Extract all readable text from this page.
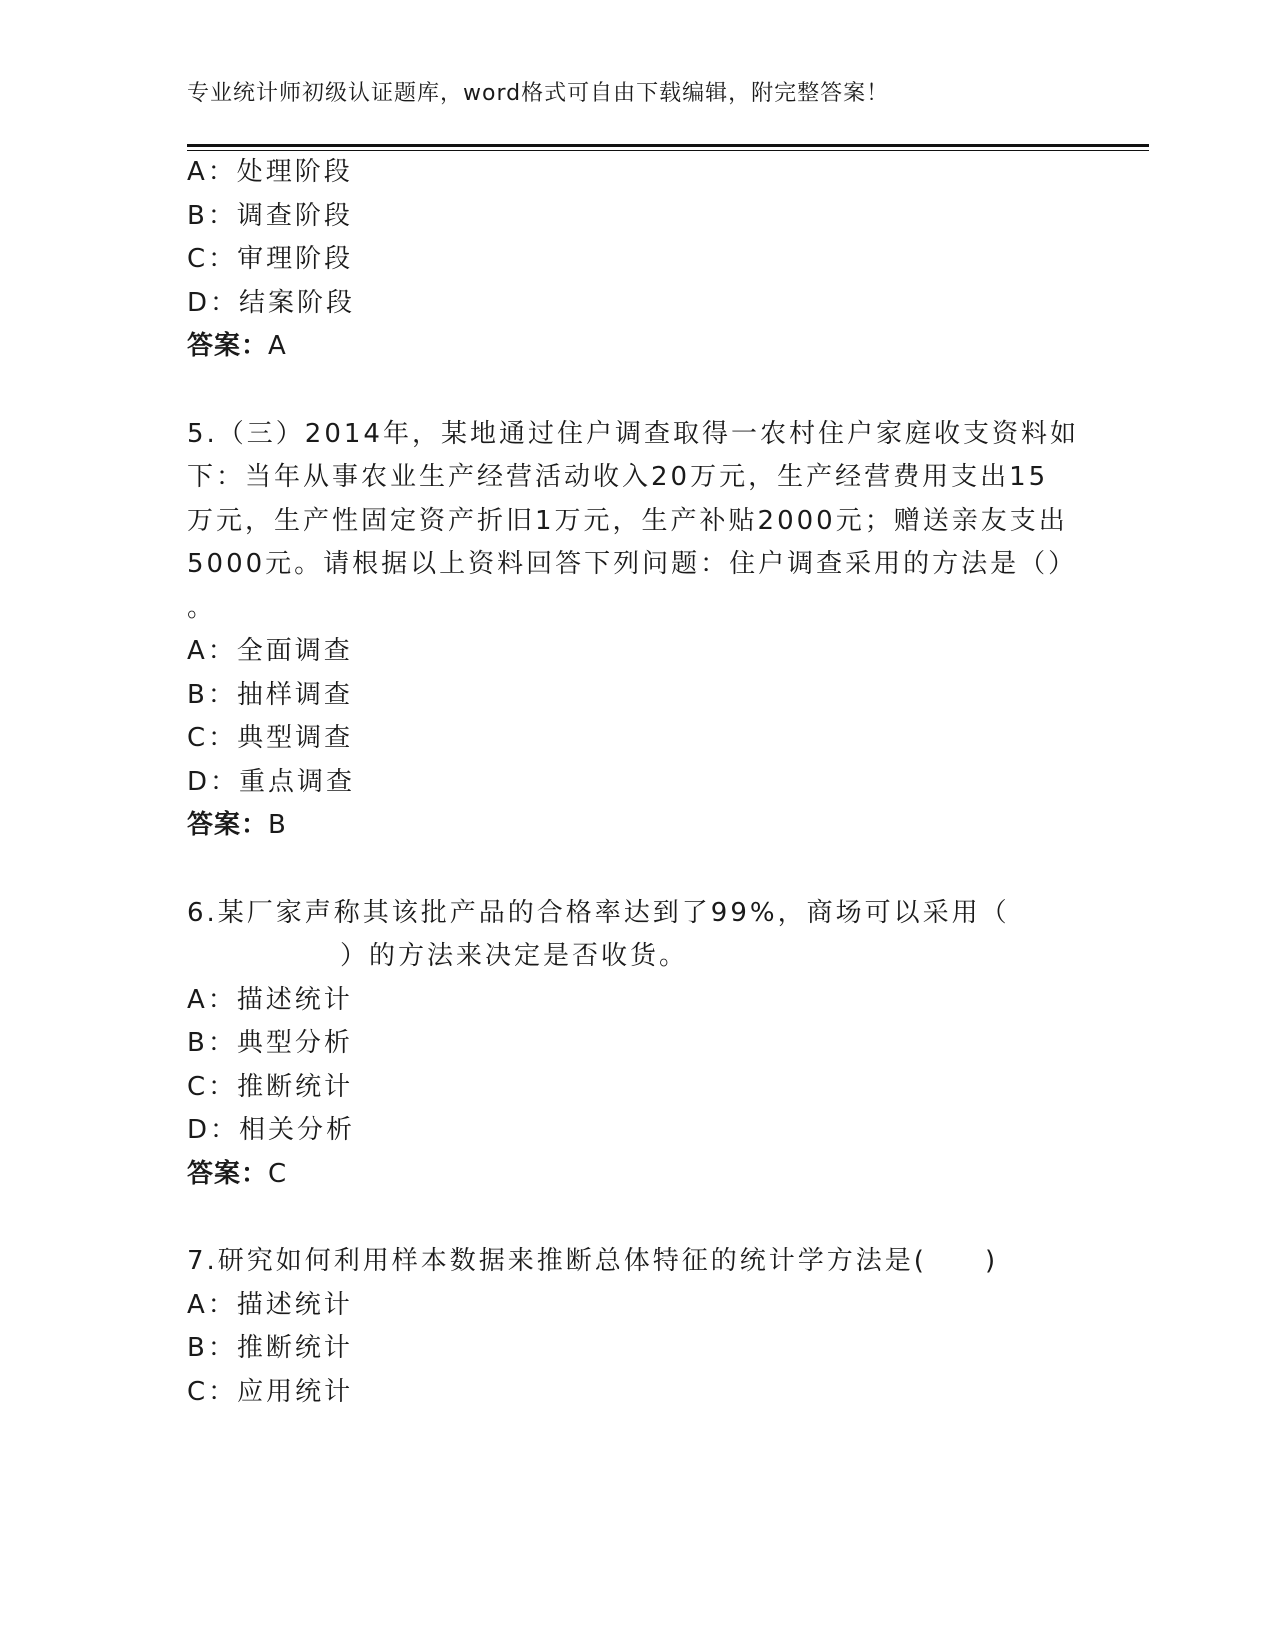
专业统计师初级认证题库，word格式可自由下载编辑，附完整答案！
A：处理阶段
B：调查阶段
C：审理阶段
D：结案阶段
答案：A
5.（三）2014年，某地通过住户调查取得一农村住户家庭收支资料如
下：当年从事农业生产经营活动收入20万元，生产经营费用支出15
万元，生产性固定资产折旧1万元，生产补贴2000元；赠送亲友支出
5000元。请根据以上资料回答下列问题：住户调查采用的方法是（）
。
A：全面调查
B：抽样调查
C：典型调查
D：重点调查
答案：B
6.某厂家声称其该批产品的合格率达到了99%，商场可以采用（
）的方法来决定是否收货。
A：描述统计
B：典型分析
C：推断统计
D：相关分析
答案：C
7.研究如何利用样本数据来推断总体特征的统计学方法是(　　)
A：描述统计
B：推断统计
C：应用统计
